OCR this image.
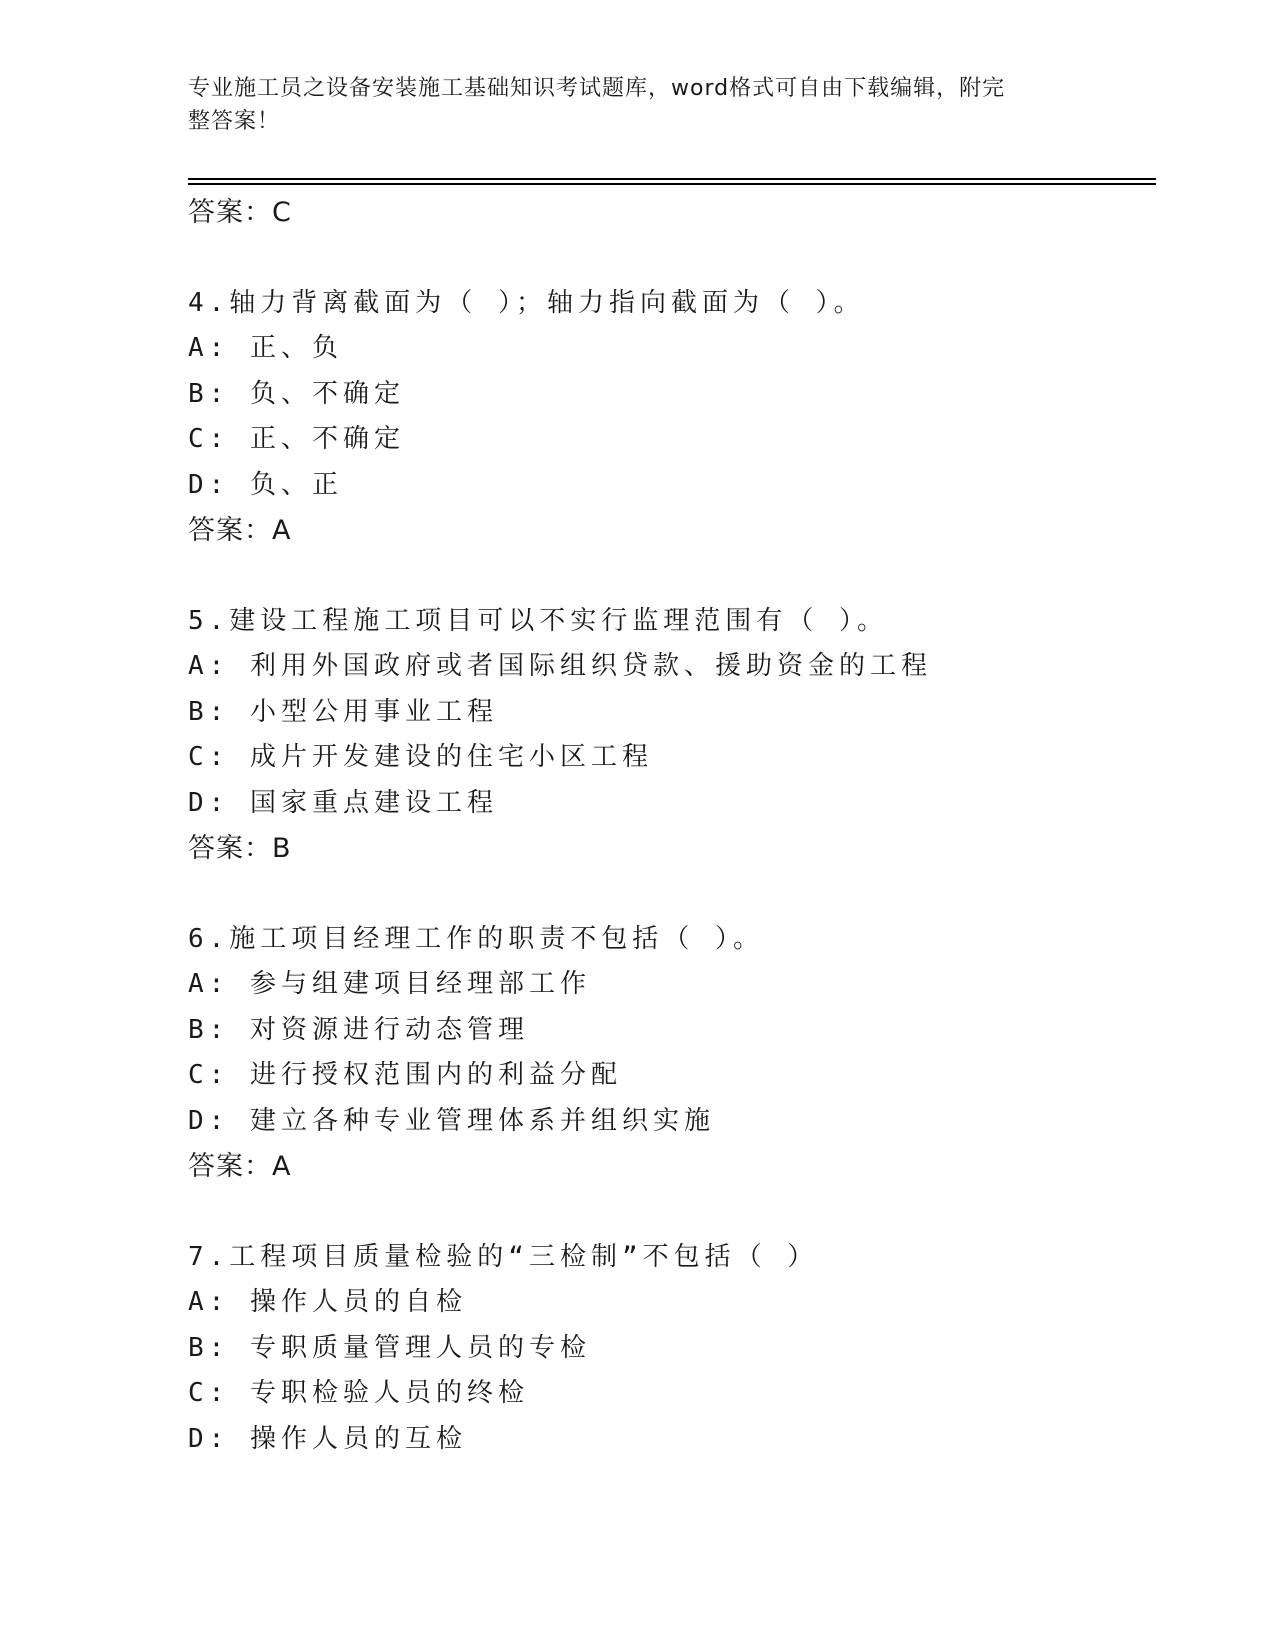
专业施工员之设备安装施工基础知识考试题库，word格式可自由下载编辑，附完
整答案！
答案：C
4.轴力背离截面为（ ）；轴力指向截面为（ ）。
A: 正、负
B: 负、不确定
C: 正、不确定
D: 负、正
答案：A
5.建设工程施工项目可以不实行监理范围有（ ）。
A: 利用外国政府或者国际组织贷款、援助资金的工程
B: 小型公用事业工程
C: 成片开发建设的住宅小区工程
D: 国家重点建设工程
答案：B
6.施工项目经理工作的职责不包括（ ）。
A: 参与组建项目经理部工作
B: 对资源进行动态管理
C: 进行授权范围内的利益分配
D: 建立各种专业管理体系并组织实施
答案：A
7.工程项目质量检验的“三检制”不包括（ ）
A: 操作人员的自检
B: 专职质量管理人员的专检
C: 专职检验人员的终检
D: 操作人员的互检
